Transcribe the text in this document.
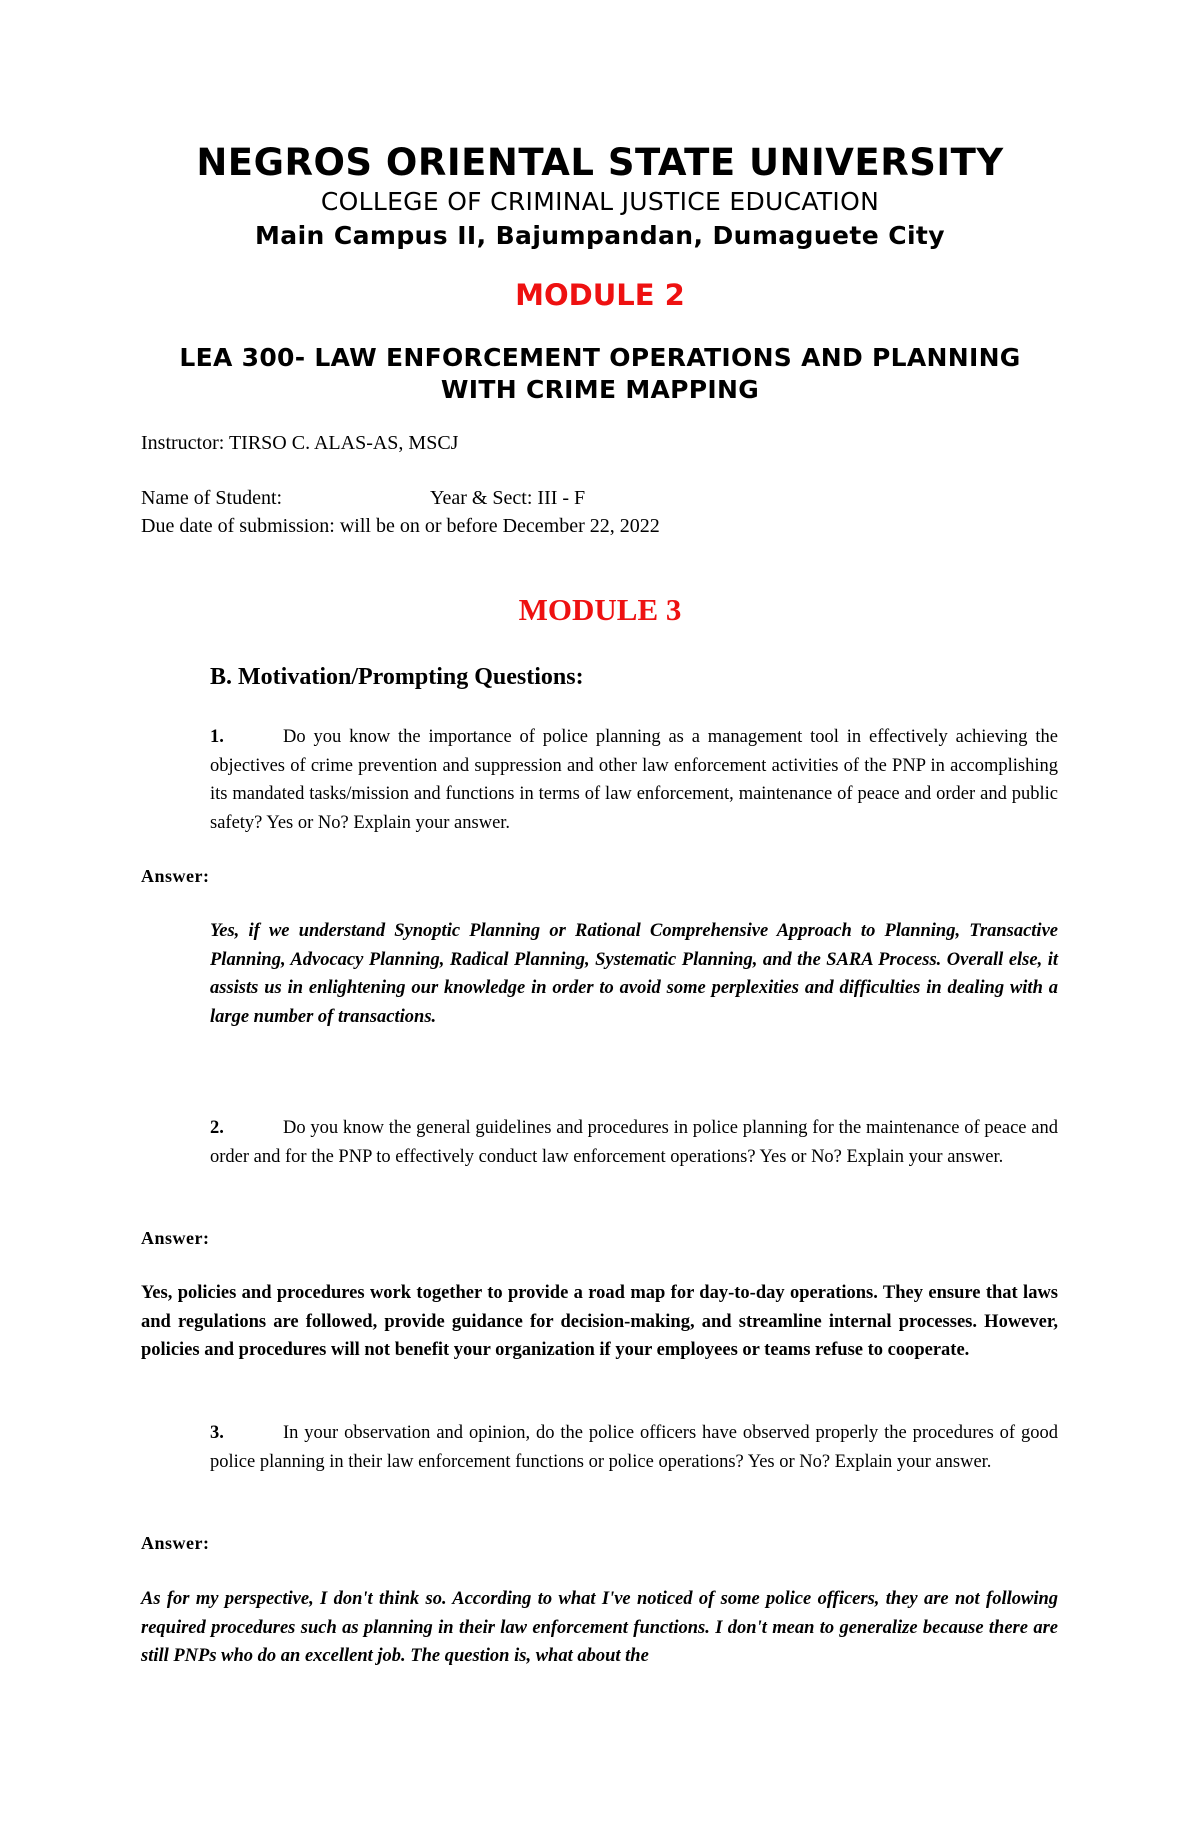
NEGROS ORIENTAL STATE UNIVERSITY

COLLEGE OF CRIMINAL JUSTICE EDUCATION

Main Campus II, Bajumpandan, Dumaguete City

MODULE 2

LEA 300- LAW ENFORCEMENT OPERATIONS AND PLANNING WITH CRIME MAPPING

Instructor: TIRSO C. ALAS-AS, MSCJ

Name of Student:	Year & Sect: III - F

Due date of submission: will be on or before December 22, 2022

MODULE 3

B. Motivation/Prompting Questions:

1.	Do you know the importance of police planning as a management tool in effectively achieving the objectives of crime prevention and suppression and other law enforcement activities of the PNP in accomplishing its mandated tasks/mission and functions in terms of law enforcement, maintenance of peace and order and public safety? Yes or No? Explain your answer.

Answer:

Yes, if we understand Synoptic Planning or Rational Comprehensive Approach to Planning, Transactive Planning, Advocacy Planning, Radical Planning, Systematic Planning, and the SARA Process. Overall else, it assists us in enlightening our knowledge in order to avoid some perplexities and difficulties in dealing with a large number of transactions.

2.	Do you know the general guidelines and procedures in police planning for the maintenance of peace and order and for the PNP to effectively conduct law enforcement operations? Yes or No? Explain your answer.

Answer:

Yes, policies and procedures work together to provide a road map for day-to-day operations. They ensure that laws and regulations are followed, provide guidance for decision-making, and streamline internal processes. However, policies and procedures will not benefit your organization if your employees or teams refuse to cooperate.

3.	In your observation and opinion, do the police officers have observed properly the procedures of good police planning in their law enforcement functions or police operations? Yes or No? Explain your answer.

Answer:

As for my perspective, I don't think so. According to what I've noticed of some police officers, they are not following required procedures such as planning in their law enforcement functions. I don't mean to generalize because there are still PNPs who do an excellent job. The question is, what about the
